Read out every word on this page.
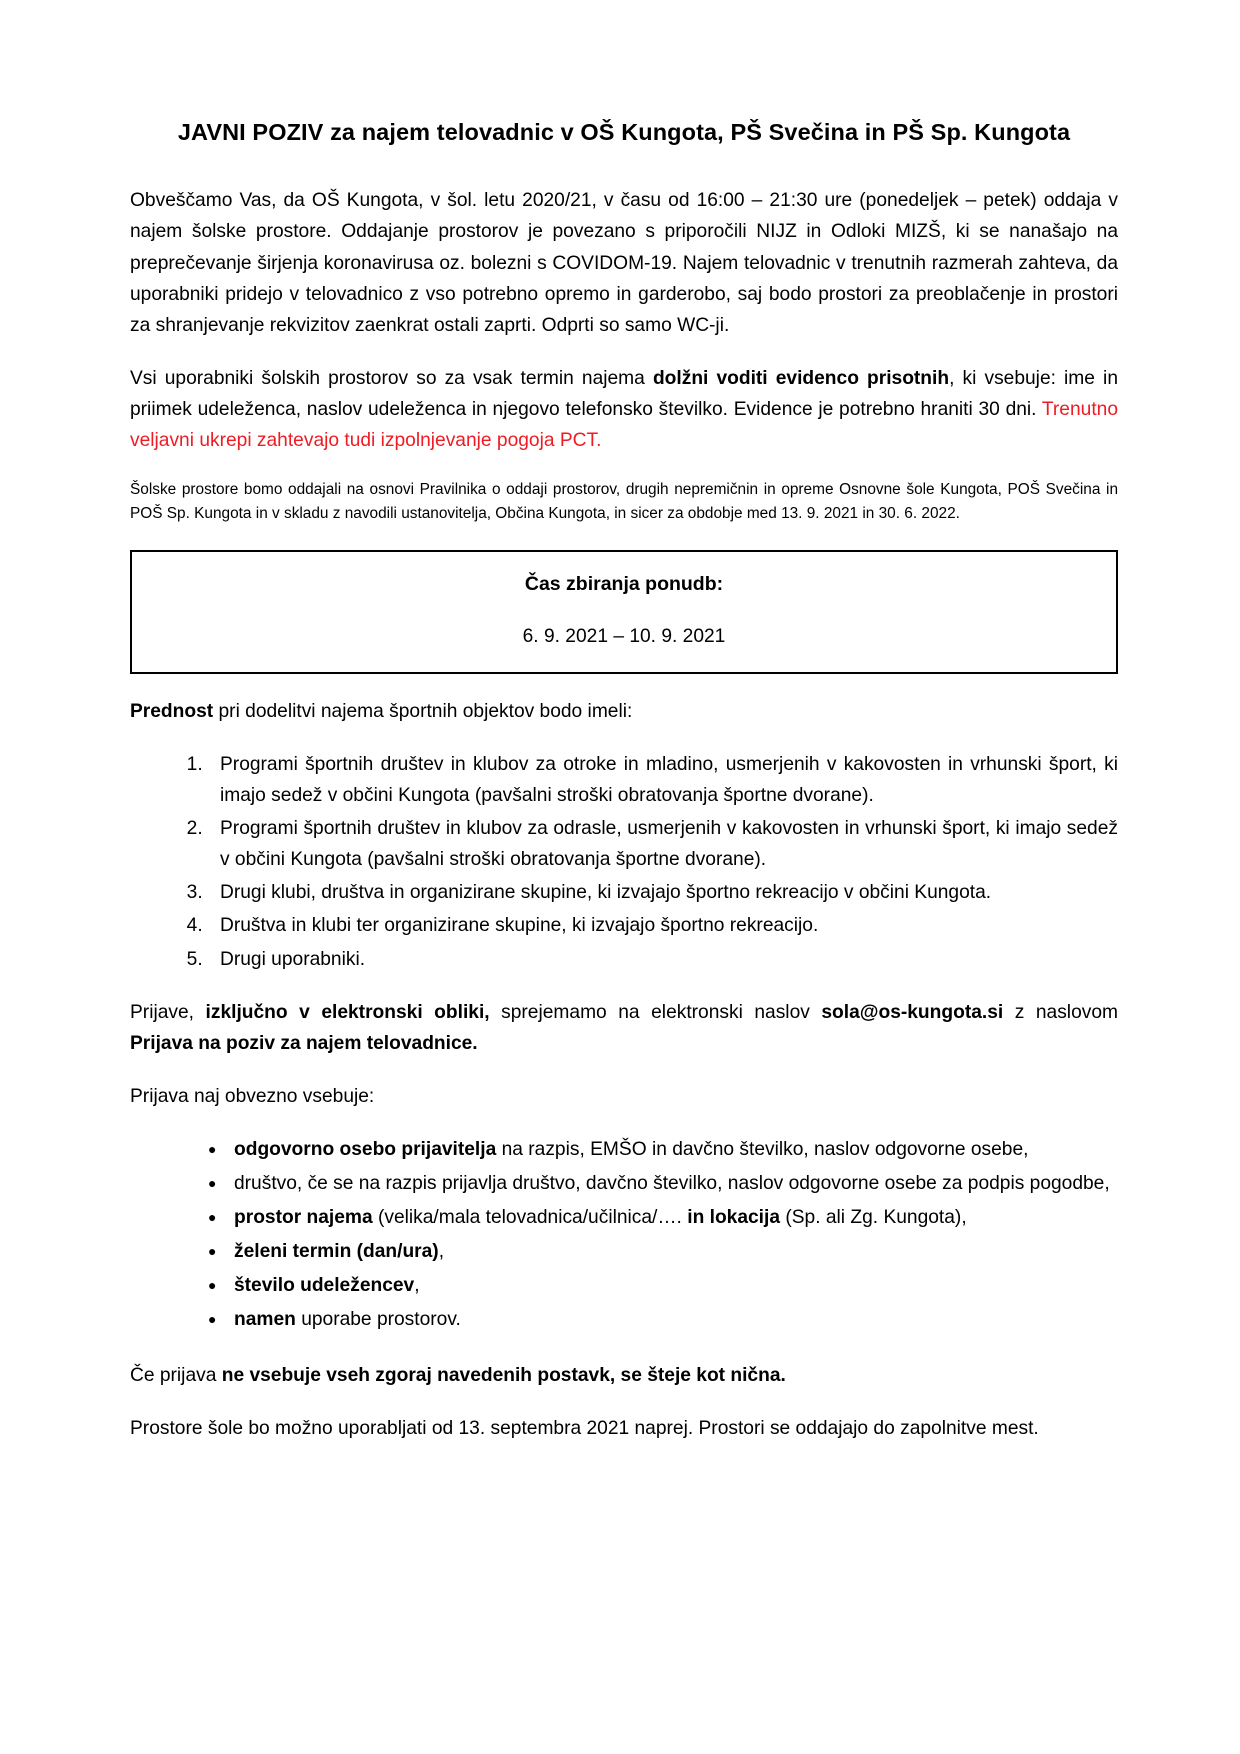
JAVNI POZIV za najem telovadnic v OŠ Kungota, PŠ Svečina in PŠ Sp. Kungota

Obveščamo Vas, da OŠ Kungota, v šol. letu 2020/21, v času od 16:00 – 21:30 ure (ponedeljek – petek) oddaja v najem šolske prostore. Oddajanje prostorov je povezano s priporočili NIJZ in Odloki MIZŠ, ki se nanašajo na preprečevanje širjenja koronavirusa oz. bolezni s COVIDOM-19. Najem telovadnic v trenutnih razmerah zahteva, da uporabniki pridejo v telovadnico z vso potrebno opremo in garderobo, saj bodo prostori za preoblačenje in prostori za shranjevanje rekvizitov zaenkrat ostali zaprti. Odprti so samo WC-ji.

Vsi uporabniki šolskih prostorov so za vsak termin najema dolžni voditi evidenco prisotnih, ki vsebuje: ime in priimek udeleženca, naslov udeleženca in njegovo telefonsko številko. Evidence je potrebno hraniti 30 dni. Trenutno veljavni ukrepi zahtevajo tudi izpolnjevanje pogoja PCT.

Šolske prostore bomo oddajali na osnovi Pravilnika o oddaji prostorov, drugih nepremičnin in opreme Osnovne šole Kungota, POŠ Svečina in POŠ Sp. Kungota in v skladu z navodili ustanovitelja, Občina Kungota, in sicer za obdobje med 13. 9. 2021 in 30. 6. 2022.

Čas zbiranja ponudb:
6. 9. 2021 – 10. 9. 2021

Prednost pri dodelitvi najema športnih objektov bodo imeli:

1. Programi športnih društev in klubov za otroke in mladino, usmerjenih v kakovosten in vrhunski šport, ki imajo sedež v občini Kungota (pavšalni stroški obratovanja športne dvorane).
2. Programi športnih društev in klubov za odrasle, usmerjenih v kakovosten in vrhunski šport, ki imajo sedež v občini Kungota (pavšalni stroški obratovanja športne dvorane).
3. Drugi klubi, društva in organizirane skupine, ki izvajajo športno rekreacijo v občini Kungota.
4. Društva in klubi ter organizirane skupine, ki izvajajo športno rekreacijo.
5. Drugi uporabniki.

Prijave, izključno v elektronski obliki, sprejemamo na elektronski naslov sola@os-kungota.si z naslovom Prijava na poziv za najem telovadnice.

Prijava naj obvezno vsebuje:

● odgovorno osebo prijavitelja na razpis, EMŠO in davčno številko, naslov odgovorne osebe,
● društvo, če se na razpis prijavlja društvo, davčno številko, naslov odgovorne osebe za podpis pogodbe,
● prostor najema (velika/mala telovadnica/učilnica/…. in lokacija (Sp. ali Zg. Kungota),
● želeni termin (dan/ura),
● število udeležencev,
● namen uporabe prostorov.

Če prijava ne vsebuje vseh zgoraj navedenih postavk, se šteje kot nična.

Prostore šole bo možno uporabljati od 13. septembra 2021 naprej. Prostori se oddajajo do zapolnitve mest.
